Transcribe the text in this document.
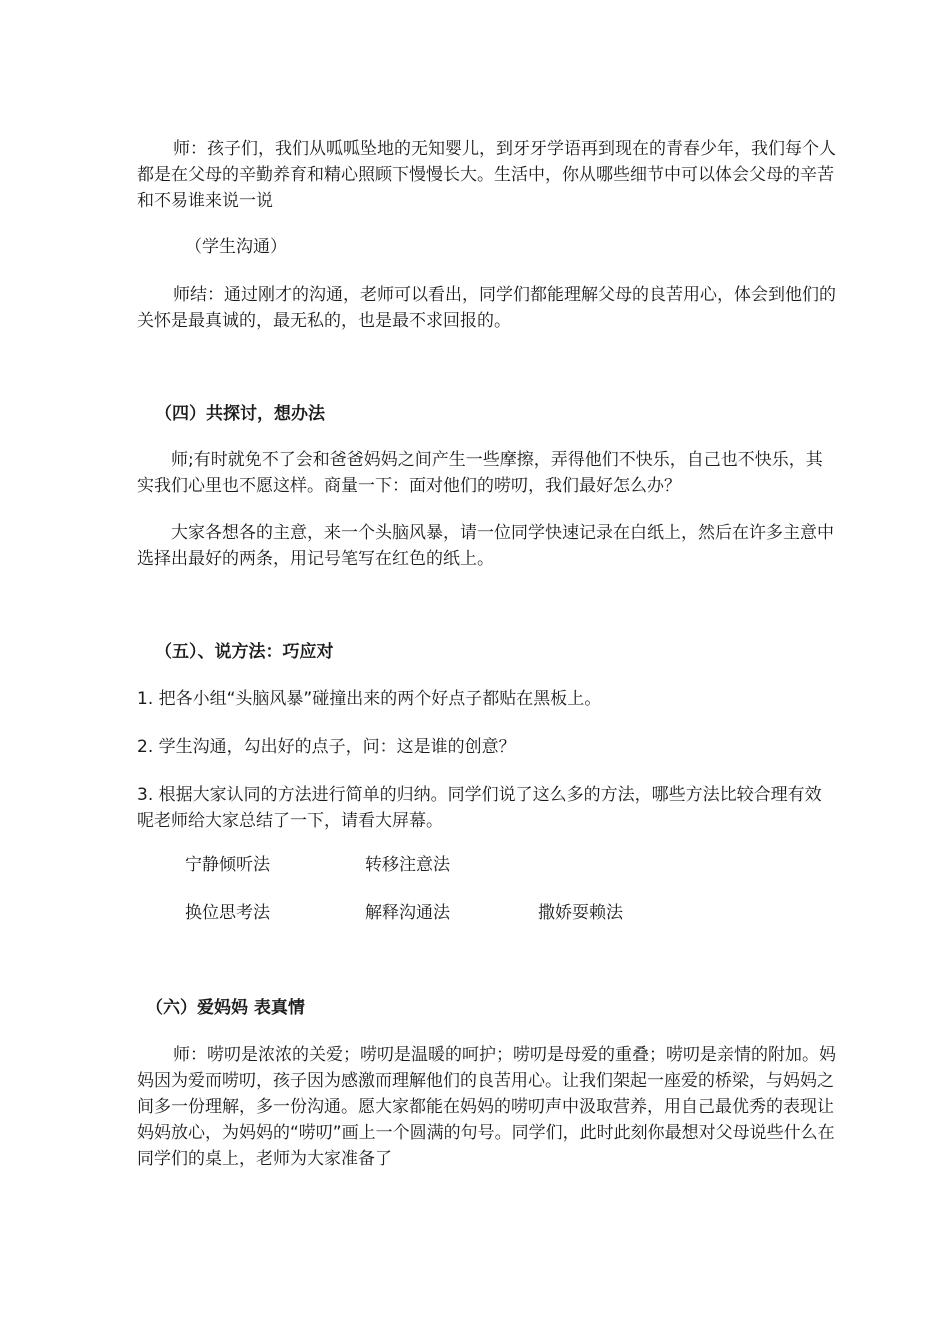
师：孩子们，我们从呱呱坠地的无知婴儿，到牙牙学语再到现在的青春少年，我们每个人都是在父母的辛勤养育和精心照顾下慢慢长大。生活中，你从哪些细节中可以体会父母的辛苦和不易谁来说一说

（学生沟通）

师结：通过刚才的沟通，老师可以看出，同学们都能理解父母的良苦用心，体会到他们的关怀是最真诚的，最无私的，也是最不求回报的。

（四）共探讨，想办法

师;有时就免不了会和爸爸妈妈之间产生一些摩擦，弄得他们不快乐，自己也不快乐，其实我们心里也不愿这样。商量一下：面对他们的唠叨，我们最好怎么办？

大家各想各的主意，来一个头脑风暴，请一位同学快速记录在白纸上，然后在许多主意中选择出最好的两条，用记号笔写在红色的纸上。

（五）、说方法：巧应对

1. 把各小组“头脑风暴”碰撞出来的两个好点子都贴在黑板上。

2. 学生沟通，勾出好的点子，问：这是谁的创意？

3. 根据大家认同的方法进行简单的归纳。同学们说了这么多的方法，哪些方法比较合理有效呢老师给大家总结了一下，请看大屏幕。

宁静倾听法	转移注意法
换位思考法	解释沟通法	撒娇耍赖法
（六）爱妈妈 表真情

师：唠叨是浓浓的关爱；唠叨是温暖的呵护；唠叨是母爱的重叠；唠叨是亲情的附加。妈妈因为爱而唠叨，孩子因为感激而理解他们的良苦用心。让我们架起一座爱的桥梁，与妈妈之间多一份理解，多一份沟通。愿大家都能在妈妈的唠叨声中汲取营养，用自己最优秀的表现让妈妈放心，为妈妈的“唠叨”画上一个圆满的句号。同学们，此时此刻你最想对父母说些什么在同学们的桌上，老师为大家准备了
